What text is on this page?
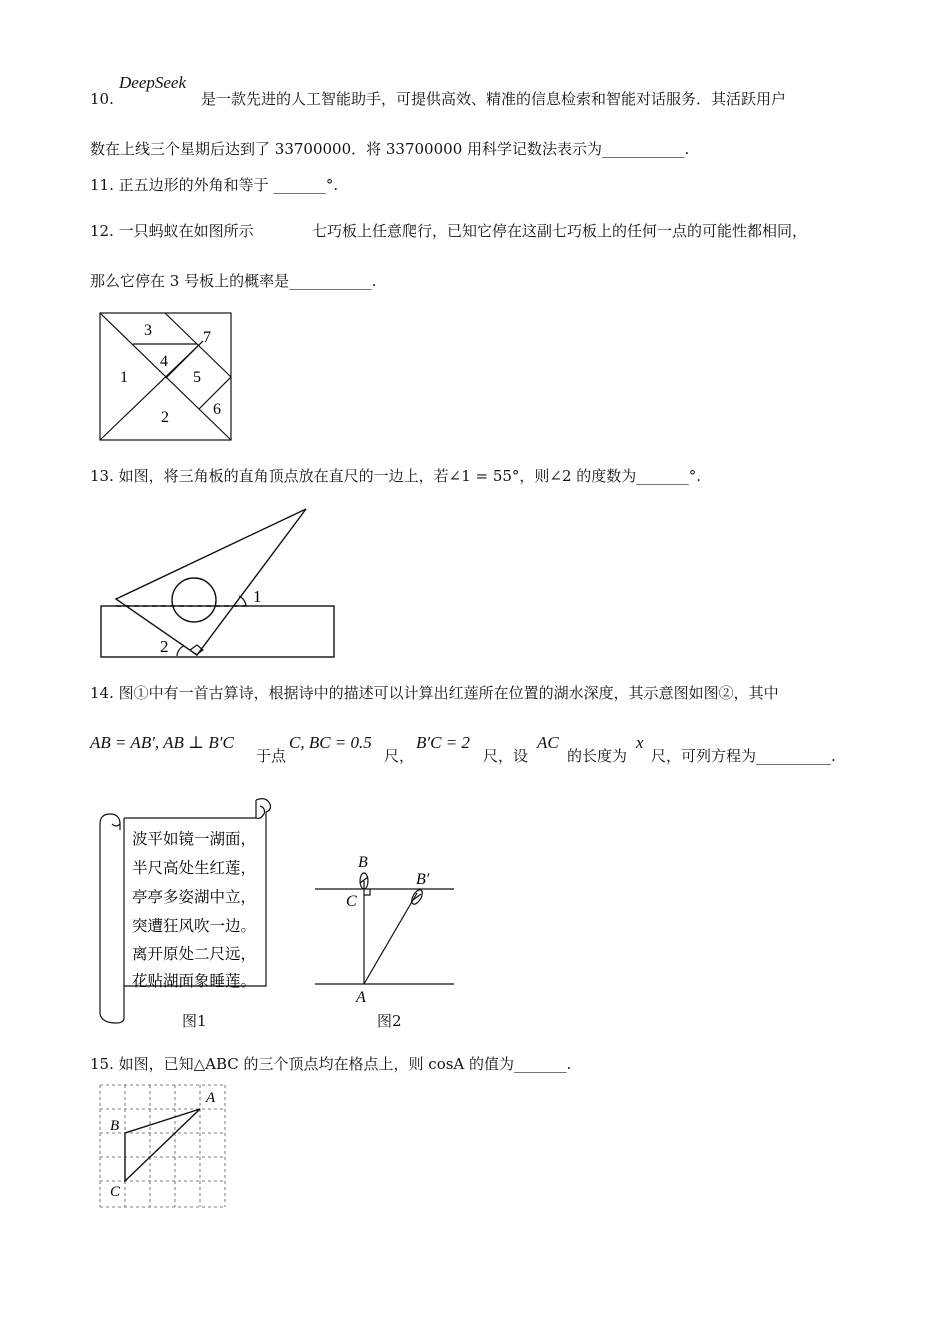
10.
DeepSeek
是一款先进的人工智能助手，可提供高效、精准的信息检索和智能对话服务．其活跃用户
数在上线三个星期后达到了 33700000．将 33700000 用科学记数法表示为___________.
11. 正五边形的外角和等于 _______°.
12. 一只蚂蚁在如图所示	七巧板上任意爬行，已知它停在这副七巧板上的任何一点的可能性都相同，
那么它停在 3 号板上的概率是___________.
3	7
4
1	5
6
2
13. 如图，将三角板的直角顶点放在直尺的一边上，若∠1 = 55°，则∠2 的度数为_______°.
1
2
14. 图①中有一首古算诗，根据诗中的描述可以计算出红莲所在位置的湖水深度，其示意图如图②，其中
AB = AB′, AB ⊥ B′C
于点
C, BC = 0.5
尺，
B′C = 2
尺，设
AC
的长度为
x
尺，可列方程为__________.
波平如镜一湖面，
半尺高处生红莲，
亭亭多姿湖中立，
突遭狂风吹一边。
离开原处二尺远，
花贴湖面象睡莲。
图1
B
B′
C
A
图2
15. 如图，已知△ABC 的三个顶点均在格点上，则 cosA 的值为_______.
A
B
C
